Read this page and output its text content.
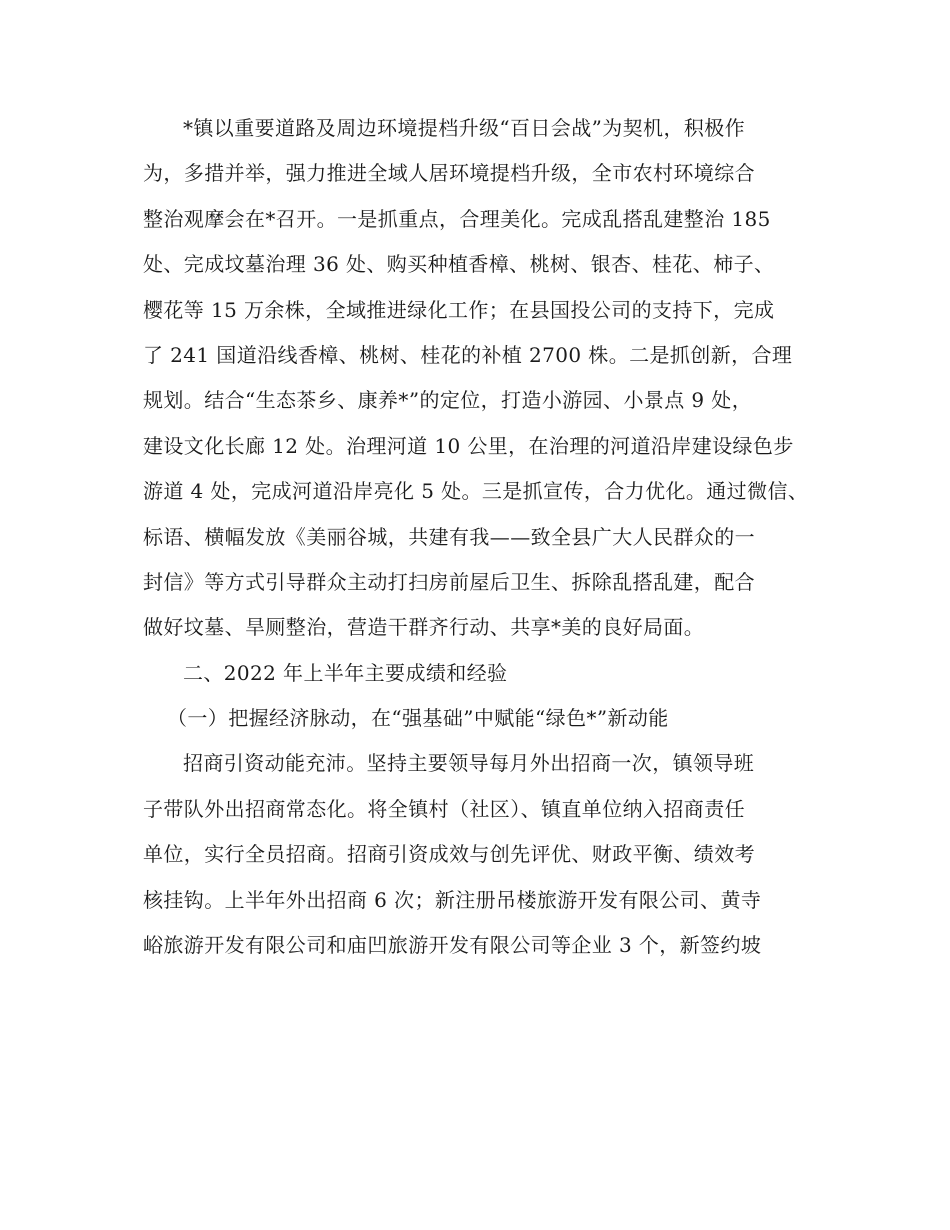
*镇以重要道路及周边环境提档升级“百日会战”为契机，积极作
为，多措并举，强力推进全域人居环境提档升级，全市农村环境综合
整治观摩会在*召开。一是抓重点，合理美化。完成乱搭乱建整治 185
处、完成坟墓治理 36 处、购买种植香樟、桃树、银杏、桂花、柿子、
樱花等 15 万余株，全域推进绿化工作；在县国投公司的支持下，完成
了 241 国道沿线香樟、桃树、桂花的补植 2700 株。二是抓创新，合理
规划。结合“生态茶乡、康养*”的定位，打造小游园、小景点 9 处，
建设文化长廊 12 处。治理河道 10 公里，在治理的河道沿岸建设绿色步
游道 4 处，完成河道沿岸亮化 5 处。三是抓宣传，合力优化。通过微信、
标语、横幅发放《美丽谷城，共建有我——致全县广大人民群众的一
封信》等方式引导群众主动打扫房前屋后卫生、拆除乱搭乱建，配合
做好坟墓、旱厕整治，营造干群齐行动、共享*美的良好局面。
二、2022 年上半年主要成绩和经验
（一）把握经济脉动，在“强基础”中赋能“绿色*”新动能
招商引资动能充沛。坚持主要领导每月外出招商一次，镇领导班
子带队外出招商常态化。将全镇村（社区）、镇直单位纳入招商责任
单位，实行全员招商。招商引资成效与创先评优、财政平衡、绩效考
核挂钩。上半年外出招商 6 次；新注册吊楼旅游开发有限公司、黄寺
峪旅游开发有限公司和庙凹旅游开发有限公司等企业 3 个，新签约坡
